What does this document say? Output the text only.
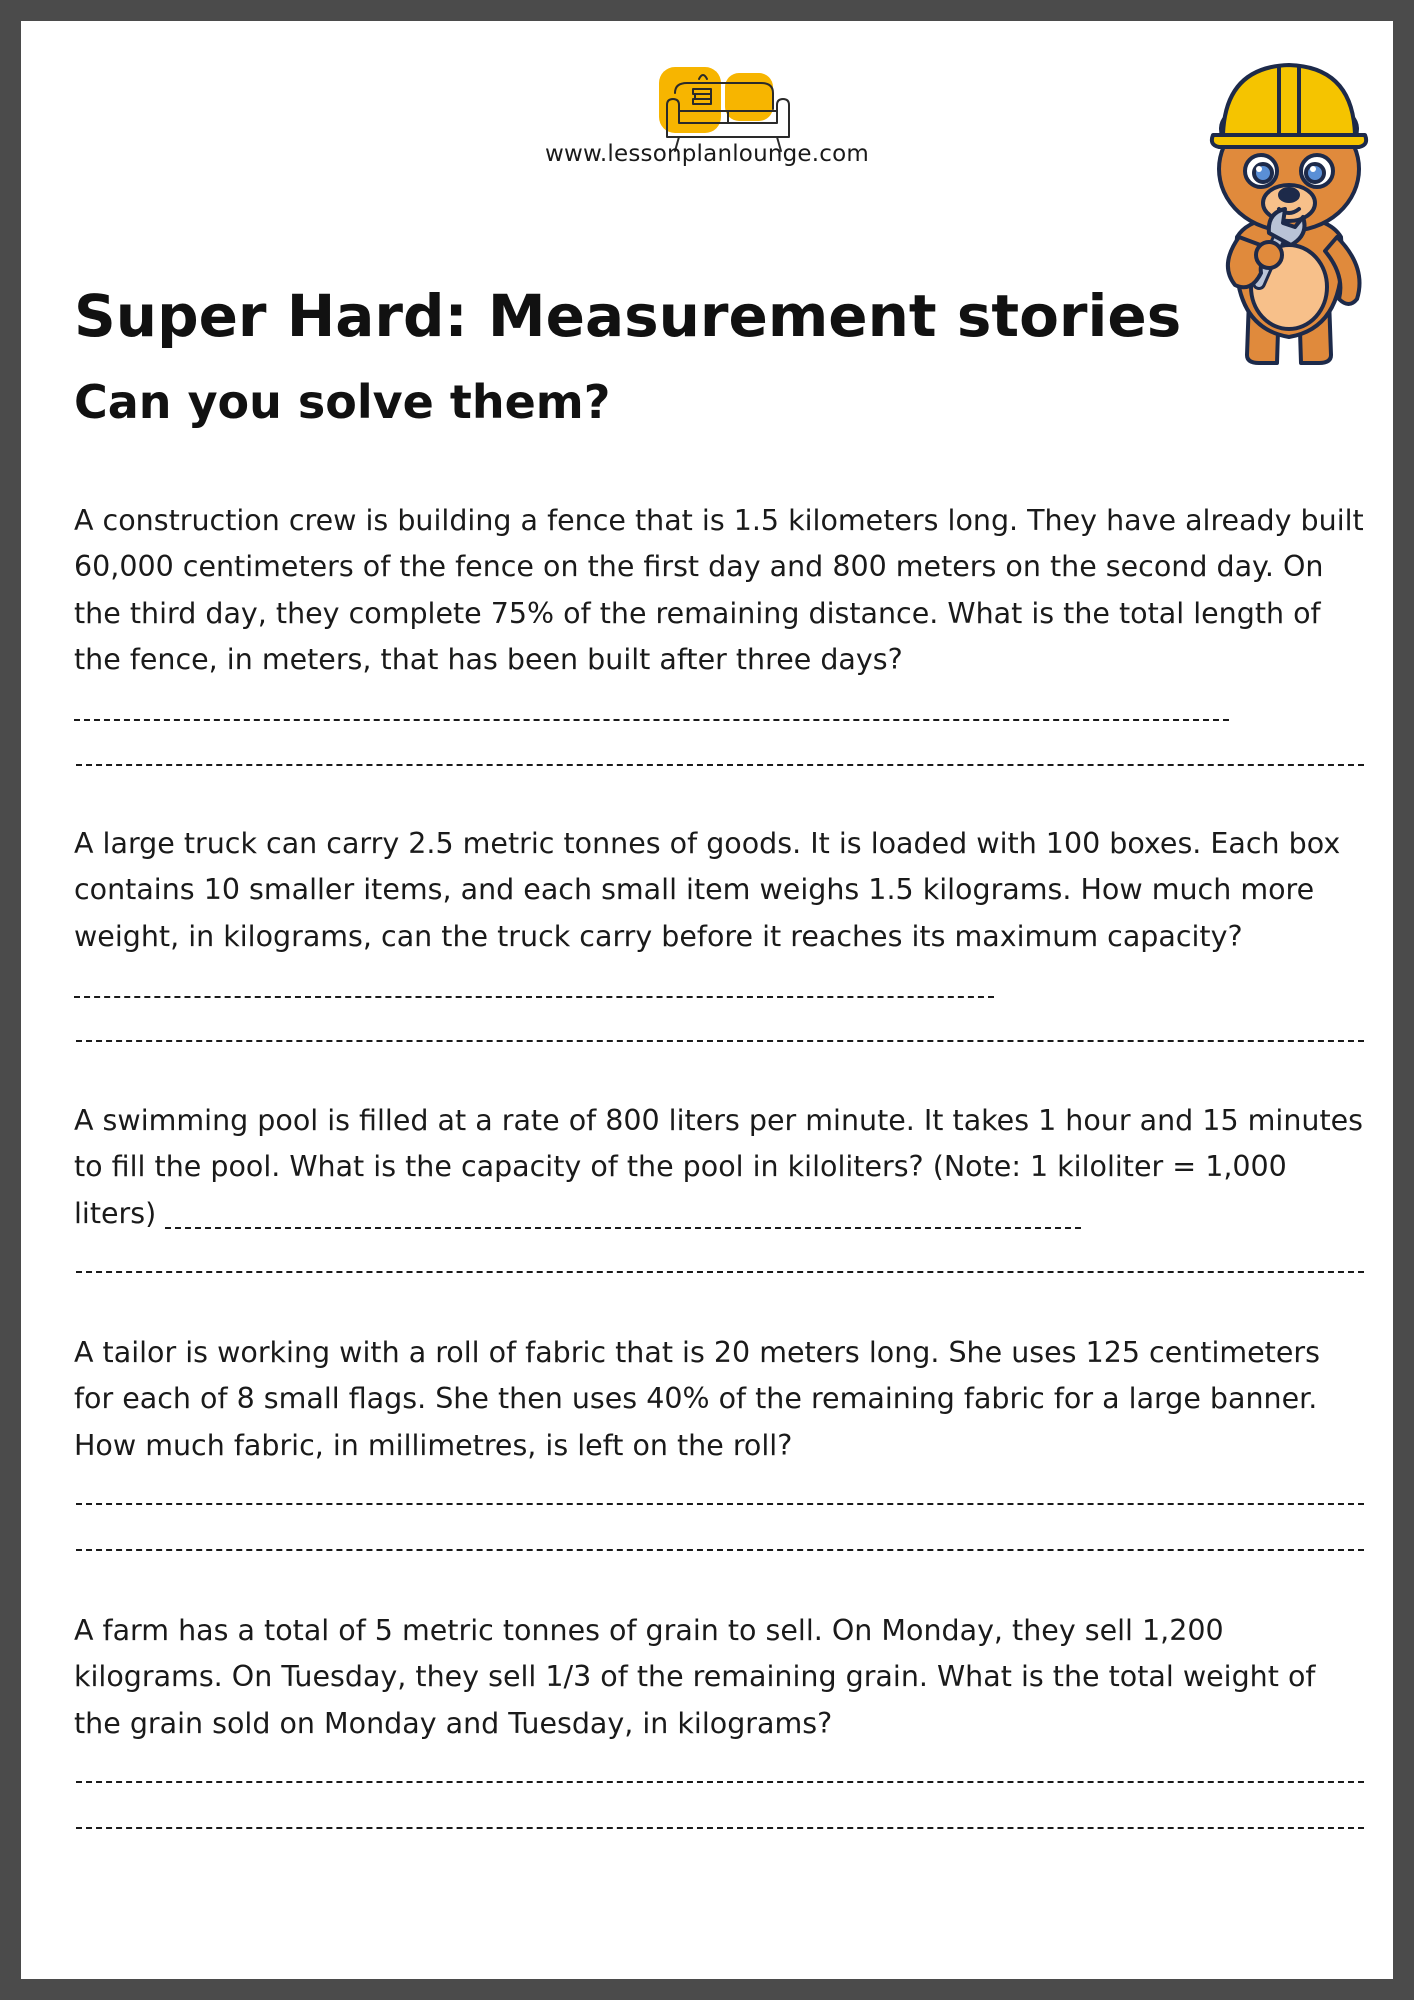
www.lessonplanlounge.com
Super Hard: Measurement stories
Can you solve them?

A construction crew is building a fence that is 1.5 kilometers long. They have already built 60,000 centimeters of the fence on the first day and 800 meters on the second day. On the third day, they complete 75% of the remaining distance. What is the total length of the fence, in meters, that has been built after three days?

A large truck can carry 2.5 metric tonnes of goods. It is loaded with 100 boxes. Each box contains 10 smaller items, and each small item weighs 1.5 kilograms. How much more weight, in kilograms, can the truck carry before it reaches its maximum capacity?

A swimming pool is filled at a rate of 800 liters per minute. It takes 1 hour and 15 minutes to fill the pool. What is the capacity of the pool in kiloliters? (Note: 1 kiloliter = 1,000 liters)

A tailor is working with a roll of fabric that is 20 meters long. She uses 125 centimeters for each of 8 small flags. She then uses 40% of the remaining fabric for a large banner. How much fabric, in millimetres, is left on the roll?

A farm has a total of 5 metric tonnes of grain to sell. On Monday, they sell 1,200 kilograms. On Tuesday, they sell 1/3 of the remaining grain. What is the total weight of the grain sold on Monday and Tuesday, in kilograms?
